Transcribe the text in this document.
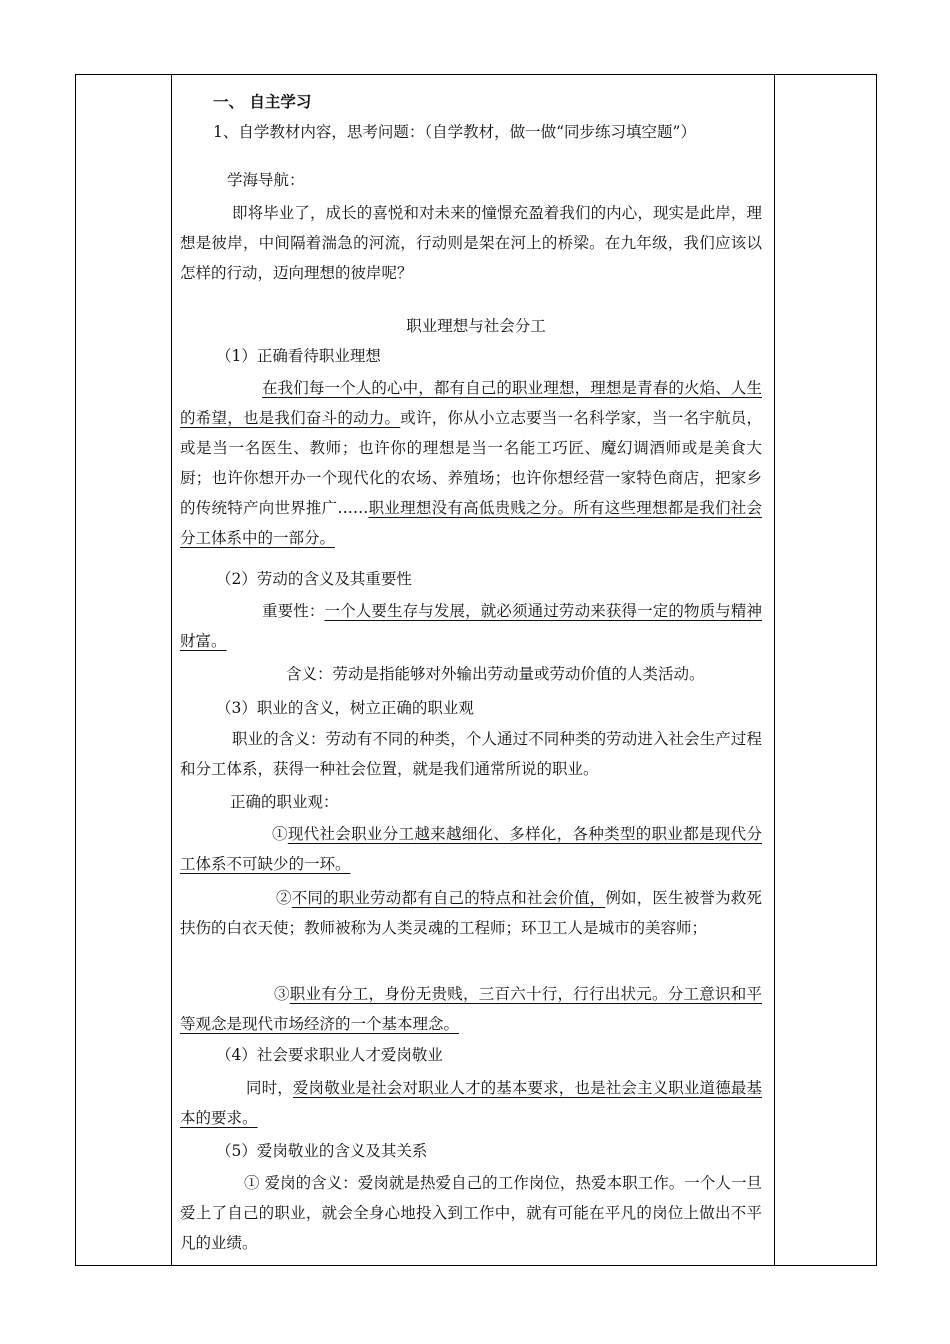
一、 自主学习
1、自学教材内容，思考问题：（自学教材，做一做“同步练习填空题”）
学海导航：
即将毕业了，成长的喜悦和对未来的憧憬充盈着我们的内心，现实是此岸，理想是彼岸，中间隔着湍急的河流，行动则是架在河上的桥梁。在九年级，我们应该以怎样的行动，迈向理想的彼岸呢？
职业理想与社会分工
（1）正确看待职业理想
在我们每一个人的心中，都有自己的职业理想，理想是青春的火焰、人生的希望，也是我们奋斗的动力。或许，你从小立志要当一名科学家，当一名宇航员，或是当一名医生、教师；也许你的理想是当一名能工巧匠、魔幻调酒师或是美食大厨；也许你想开办一个现代化的农场、养殖场；也许你想经营一家特色商店，把家乡的传统特产向世界推广……职业理想没有高低贵贱之分。所有这些理想都是我们社会分工体系中的一部分。
（2）劳动的含义及其重要性
重要性：一个人要生存与发展，就必须通过劳动来获得一定的物质与精神财富。
含义：劳动是指能够对外输出劳动量或劳动价值的人类活动。
（3）职业的含义，树立正确的职业观
职业的含义：劳动有不同的种类，个人通过不同种类的劳动进入社会生产过程和分工体系，获得一种社会位置，就是我们通常所说的职业。
正确的职业观：
①现代社会职业分工越来越细化、多样化，各种类型的职业都是现代分工体系不可缺少的一环。
②不同的职业劳动都有自己的特点和社会价值，例如，医生被誉为救死扶伤的白衣天使；教师被称为人类灵魂的工程师；环卫工人是城市的美容师；
③职业有分工，身份无贵贱，三百六十行，行行出状元。分工意识和平等观念是现代市场经济的一个基本理念。
（4）社会要求职业人才爱岗敬业
同时，爱岗敬业是社会对职业人才的基本要求，也是社会主义职业道德最基本的要求。
（5）爱岗敬业的含义及其关系
① 爱岗的含义：爱岗就是热爱自己的工作岗位，热爱本职工作。一个人一旦爱上了自己的职业，就会全身心地投入到工作中，就有可能在平凡的岗位上做出不平凡的业绩。
